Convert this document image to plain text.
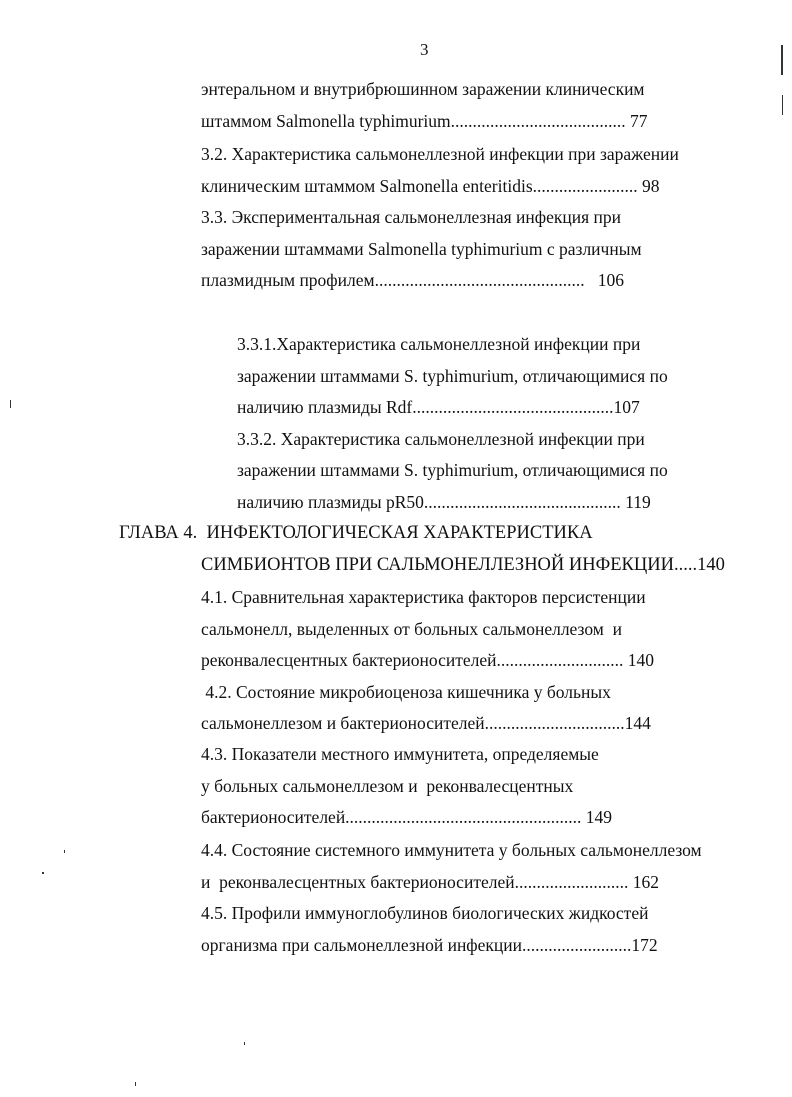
3
энтеральном и внутрибрюшинном заражении клиническим
штаммом Salmonella typhimurium........................................ 77
3.2. Характеристика сальмонеллезной инфекции при заражении
клиническим штаммом Salmonella enteritidis........................ 98
3.3. Экспериментальная сальмонеллезная инфекция при
заражении штаммами Salmonella typhimurium с различным
плазмидным профилем................................................   106
3.3.1.Характеристика сальмонеллезной инфекции при
заражении штаммами S. typhimurium, отличающимися по
наличию плазмиды Rdf..............................................107
3.3.2. Характеристика сальмонеллезной инфекции при
заражении штаммами S. typhimurium, отличающимися по
наличию плазмиды pR50............................................. 119
ГЛАВА 4.  ИНФЕКТОЛОГИЧЕСКАЯ ХАРАКТЕРИСТИКА
СИМБИОНТОВ ПРИ САЛЬМОНЕЛЛЕЗНОЙ ИНФЕКЦИИ.....140
4.1. Сравнительная характеристика факторов персистенции
сальмонелл, выделенных от больных сальмонеллезом  и
реконвалесцентных бактерионосителей............................. 140
4.2. Состояние микробиоценоза кишечника у больных
сальмонеллезом и бактерионосителей................................144
4.3. Показатели местного иммунитета, определяемые
у больных сальмонеллезом и  реконвалесцентных
бактерионосителей...................................................... 149
4.4. Состояние системного иммунитета у больных сальмонеллезом
и  реконвалесцентных бактерионосителей.......................... 162
4.5. Профили иммуноглобулинов биологических жидкостей
организма при сальмонеллезной инфекции.........................172
